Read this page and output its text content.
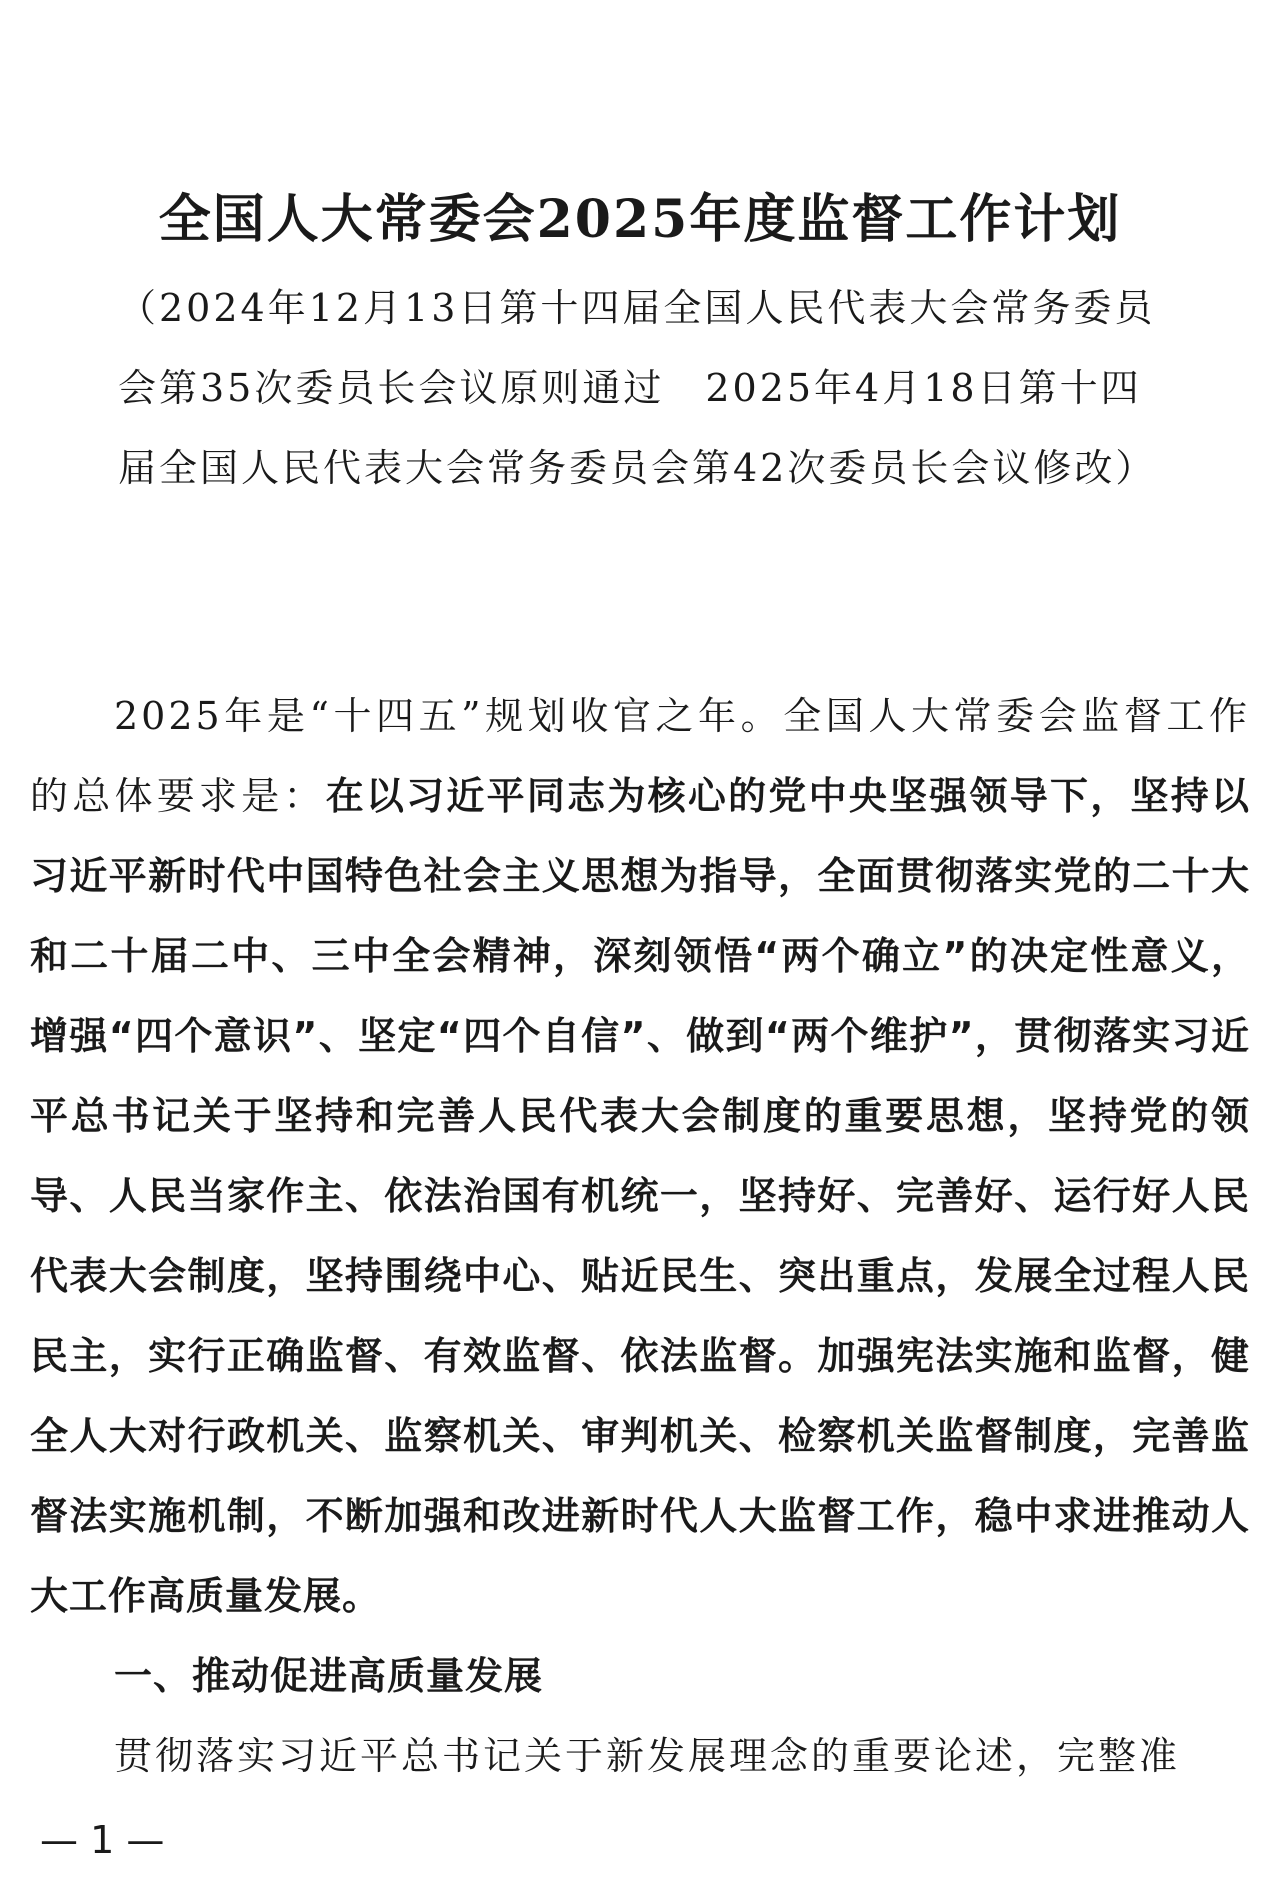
全国人大常委会2025年度监督工作计划

（2024年12月13日第十四届全国人民代表大会常务委员会第35次委员长会议原则通过　2025年4月18日第十四届全国人民代表大会常务委员会第42次委员长会议修改）

2025年是“十四五”规划收官之年。全国人大常委会监督工作的总体要求是：在以习近平同志为核心的党中央坚强领导下，坚持以习近平新时代中国特色社会主义思想为指导，全面贯彻落实党的二十大和二十届二中、三中全会精神，深刻领悟“两个确立”的决定性意义，增强“四个意识”、坚定“四个自信”、做到“两个维护”，贯彻落实习近平总书记关于坚持和完善人民代表大会制度的重要思想，坚持党的领导、人民当家作主、依法治国有机统一，坚持好、完善好、运行好人民代表大会制度，坚持围绕中心、贴近民生、突出重点，发展全过程人民民主，实行正确监督、有效监督、依法监督。加强宪法实施和监督，健全人大对行政机关、监察机关、审判机关、检察机关监督制度，完善监督法实施机制，不断加强和改进新时代人大监督工作，稳中求进推动人大工作高质量发展。

一、推动促进高质量发展

贯彻落实习近平总书记关于新发展理念的重要论述，完整准

— 1 —
